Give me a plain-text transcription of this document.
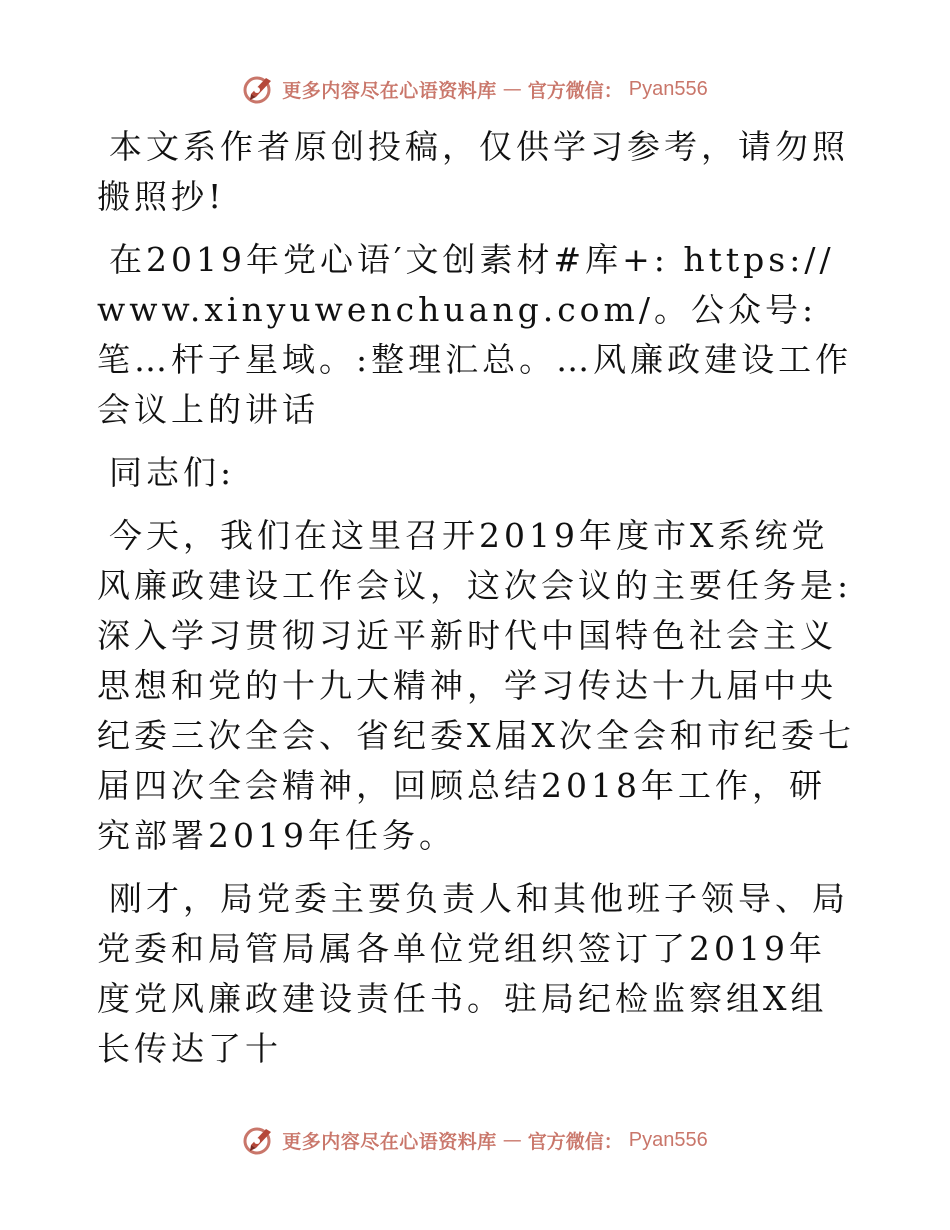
更多内容尽在心语资料库 — 官方微信： Pyan556

本文系作者原创投稿，仅供学习参考，请勿照搬照抄!

在2019年党心语′文创素材#库+: https://www.xinyuwenchuang.com/。公众号: 笔…杆子星域。:整理汇总。…风廉政建设工作会议上的讲话

同志们:

今天，我们在这里召开2019年度市X系统党风廉政建设工作会议，这次会议的主要任务是: 深入学习贯彻习近平新时代中国特色社会主义思想和党的十九大精神，学习传达十九届中央纪委三次全会、省纪委X届X次全会和市纪委七届四次全会精神，回顾总结2018年工作，研究部署2019年任务。

刚才，局党委主要负责人和其他班子领导、局党委和局管局属各单位党组织签订了2019年度党风廉政建设责任书。驻局纪检监察组X组长传达了十

更多内容尽在心语资料库 — 官方微信： Pyan556
